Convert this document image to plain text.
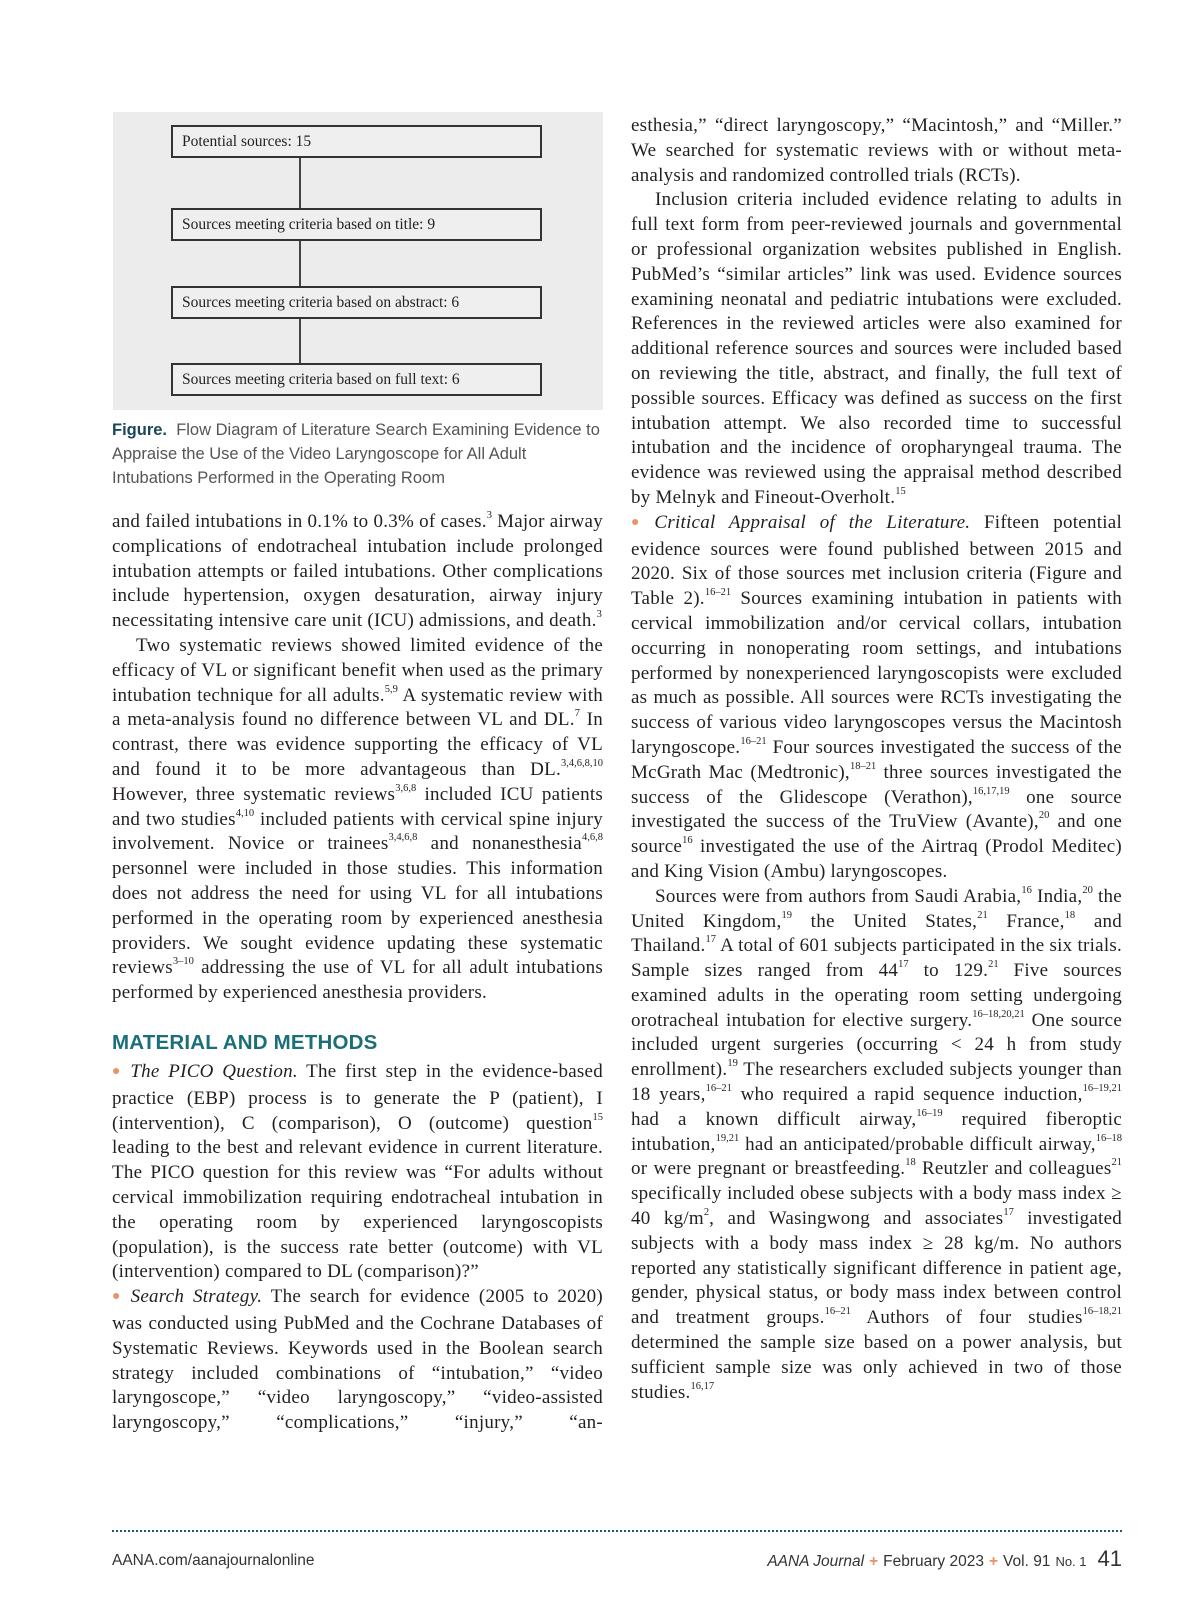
Potential sources: 15
Sources meeting criteria based on title: 9
Sources meeting criteria based on abstract: 6
Sources meeting criteria based on full text: 6
Figure. Flow Diagram of Literature Search Examining Evidence to Appraise the Use of the Video Laryngoscope for All Adult Intubations Performed in the Operating Room

and failed intubations in 0.1% to 0.3% of cases.$^3$ Major airway complications of endotracheal intubation include prolonged intubation attempts or failed intubations. Other complications include hypertension, oxygen desaturation, airway injury necessitating intensive care unit (ICU) admissions, and death.$^3$

Two systematic reviews showed limited evidence of the efficacy of VL or significant benefit when used as the primary intubation technique for all adults.$^{5,9}$ A systematic review with a meta-analysis found no difference between VL and DL.$^7$ In contrast, there was evidence supporting the efficacy of VL and found it to be more advantageous than DL.$^{3,4,6,8,10}$ However, three systematic reviews$^{3,6,8}$ included ICU patients and two studies$^{4,10}$ included patients with cervical spine injury involvement. Novice or trainees$^{3,4,6,8}$ and nonanesthesia$^{4,6,8}$ personnel were included in those studies. This information does not address the need for using VL for all intubations performed in the operating room by experienced anesthesia providers. We sought evidence updating these systematic reviews$^{3-10}$ addressing the use of VL for all adult intubations performed by experienced anesthesia providers.

MATERIAL AND METHODS

● The PICO Question. The first step in the evidence-based practice (EBP) process is to generate the P (patient), I (intervention), C (comparison), O (outcome) question$^{15}$ leading to the best and relevant evidence in current literature. The PICO question for this review was “For adults without cervical immobilization requiring endotracheal intubation in the operating room by experienced laryngoscopists (population), is the success rate better (outcome) with VL (intervention) compared to DL (comparison)?”

● Search Strategy. The search for evidence (2005 to 2020) was conducted using PubMed and the Cochrane Databases of Systematic Reviews. Keywords used in the Boolean search strategy included combinations of “intubation,” “video laryngoscope,” “video laryngoscopy,” “video-assisted laryngoscopy,” “complications,” “injury,” “an-

esthesia,” “direct laryngoscopy,” “Macintosh,” and “Miller.” We searched for systematic reviews with or without meta-analysis and randomized controlled trials (RCTs).

Inclusion criteria included evidence relating to adults in full text form from peer-reviewed journals and governmental or professional organization websites published in English. PubMed’s “similar articles” link was used. Evidence sources examining neonatal and pediatric intubations were excluded. References in the reviewed articles were also examined for additional reference sources and sources were included based on reviewing the title, abstract, and finally, the full text of possible sources. Efficacy was defined as success on the first intubation attempt. We also recorded time to successful intubation and the incidence of oropharyngeal trauma. The evidence was reviewed using the appraisal method described by Melnyk and Fineout-Overholt.$^{15}$

● Critical Appraisal of the Literature. Fifteen potential evidence sources were found published between 2015 and 2020. Six of those sources met inclusion criteria (Figure and Table 2).$^{16-21}$ Sources examining intubation in patients with cervical immobilization and/or cervical collars, intubation occurring in nonoperating room settings, and intubations performed by nonexperienced laryngoscopists were excluded as much as possible. All sources were RCTs investigating the success of various video laryngoscopes versus the Macintosh laryngoscope.$^{16-21}$ Four sources investigated the success of the McGrath Mac (Medtronic),$^{18-21}$ three sources investigated the success of the Glidescope (Verathon),$^{16,17,19}$ one source investigated the success of the TruView (Avante),$^{20}$ and one source$^{16}$ investigated the use of the Airtraq (Prodol Meditec) and King Vision (Ambu) laryngoscopes.

Sources were from authors from Saudi Arabia,$^{16}$ India,$^{20}$ the United Kingdom,$^{19}$ the United States,$^{21}$ France,$^{18}$ and Thailand.$^{17}$ A total of 601 subjects participated in the six trials. Sample sizes ranged from $44^{17}$ to 129.21 Five sources examined adults in the operating room setting undergoing orotracheal intubation for elective surgery.$^{16-18,20,21}$ One source included urgent surgeries (occurring < 24 h from study enrollment).$^{19}$ The researchers excluded subjects younger than 18 years,$^{16-21}$ who required a rapid sequence induction,$^{16-19,21}$ had a known difficult airway,$^{16-19}$ required fiberoptic intubation,$^{19,21}$ had an anticipated/probable difficult airway,$^{16-18}$ or were pregnant or breastfeeding.$^{18}$ Reutzler and colleagues$^{21}$ specifically included obese subjects with a body mass index ≥ 40 $kg/m^2$, and Wasingwong and associates$^{17}$ investigated subjects with a body mass index ≥ 28 kg/m. No authors reported any statistically significant difference in patient age, gender, physical status, or body mass index between control and treatment groups.$^{16-21}$ Authors of four studies$^{16-18,21}$ determined the sample size based on a power analysis, but sufficient sample size was only achieved in two of those studies.$^{16,17}$

AANA.com/aanajournalonline	AANA Journal + February 2023 + Vol. 91 No. 1 41
